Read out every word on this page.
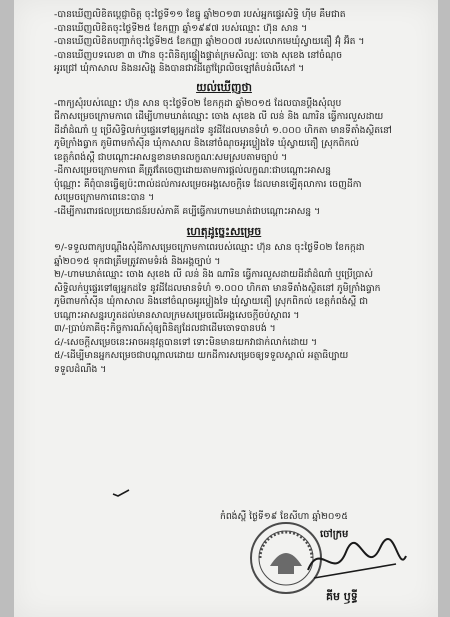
-បានឃើញលិខិតប្តេជ្ញាចិត្ត ចុះថ្ងៃទី១១ ខែធ្នូ ឆ្នាំ២០១៣ របស់អ្នកផ្ទេរសិទ្ធិ ហ៊ីម គឹមជាត

-បានឃើញលិខិតចុះថ្ងៃទី២៥ ខែកញ្ញា ឆ្នាំ១៩៩៧ របស់ឈ្មោះ ហ៊ុន សាន ។

-បានឃើញលិខិតបញ្ជាក់ចុះថ្ងៃទី២៥ ខែកញ្ញា ឆ្នាំ២០០៧ របស់លោកមេឃុំស្វាយតឿ អ៊ុំ អ៊ិត ។

-បានឃើញបទលេខា ៣ ហ៊ាន ចុះពិនិត្យផ្ទៀងផ្ទាត់ក្រមសិល្បៈ ចោង សុខេង នៅចំណុច

អូរជ្រៅ ឃុំកាសាល និងនរសិង្ហ និងបានជាវដីភ្លៅព្រៃលិចឡៅតំបន់លឺសៅ ។

យល់ឃើញថា

-ពាក្យសុំរបស់ឈ្មោះ ហ៊ុន សាន ចុះថ្ងៃទី០២ ខែកក្កដា ឆ្នាំ២០១៥ ដែលបានប្តឹងសុំលុប

ជីកាសម្រេចក្រោមកាពេ ដើម្បីហាមឃាត់ឈ្មោះ ចោង សុខេង លី លន់ និង ណារិន ធ្វើការលួសដាយ

ដីដាំដំណាំ ឬ ប្រើសិទ្ធិលក់ឬផ្ទេរទៅឲ្យអ្នកដទៃ នូវដីដែលមានទំហំ ១.០០០ ហិកតា មានទីតាំងស្ថិតនៅ

ភូមិក្រាំងធ្វាក ភូមិពាមកាំសុីន ឃុំកាសាល និងនៅចំណុចអូរប្លៀងទៃ ឃុំស្វាយតឿ ស្រុកពិកល់

ខេត្តកំពង់ស្ពឺ ជាបណ្តោះអាសន្នខានមានលក្ខណៈសមស្របតាមច្បាប់ ។

-ដីកាសម្រេចក្រោមកាពេ គឺត្រូវតែចេញដោយតាមការផ្តល់លក្ខណៈជាបណ្តោះអាសន្ន

ប៉ុណ្ណោះ គឺពុំបានធ្វើឲ្យប៉ះពាល់ដល់ការសម្រេចអង្គសេចក្តីទេ ដែលមានទ្បើតុលាការ ចេញដីកា

សម្រេចក្រោមកាពេនេះបាន ។

-ដើម្បីការពារផលប្រយោជន៍របស់ភាគី គប្បីធ្វើការហាមឃាត់ជាបណ្តោះអាសន្ន ។

ហេតុដូច្នេះសម្រេច

១/-ទទួលពាក្យបណ្តឹងសុំដីកាសម្រេចក្រោមកាពេរបស់ឈ្មោះ ហ៊ុន សាន ចុះថ្ងៃទី០២ ខែកក្កដា

ឆ្នាំ២០១៥ ទុកជាត្រឹមត្រូវតាមទំរង់ និងអង្គច្បាប់ ។

២/-ហាមឃាត់ឈ្មោះ ចោង សុខេង លី លន់ និង ណារិន ធ្វើការលួសដាយដីដាំដំណាំ ឬប្រើប្រាស់

សិទ្ធិលក់ឬផ្ទេរទៅឲ្យអ្នកដទៃ នូវដីដែលមានទំហំ ១.០០០ ហិកតា មានទីតាំងស្ថិតនៅ ភូមិក្រាំងធ្វាក

ភូមិពាមកាំសុីន ឃុំកាសាល និងនៅចំណុចអូរប្លៀងទៃ ឃុំស្វាយតឿ ស្រុកពិកល់ ខេត្តកំពង់ស្ពឺ ជា

បណ្តោះអាសន្នរហូតដល់មានសាលក្រមសម្រេចលើអង្គសេចក្តីចប់ស្ថាពរ ។

៣/-ប្រាប់ភាគីចុះកិច្ចការណ៍សុំឲ្យពិនិត្យដែលជាដើមចោទបានបង់ ។

៤/-សេចក្តីសម្រេចនេះអាចអនុវត្តបានទៅ ទោះមិនមានយកវាជាក់លាក់ដោយ ។

៥/-ដើម្បីមានអ្នកសម្រេចជាបណ្តាលដោយ យកដីការសម្រេចឲ្យទទួលស្គាល់ អត្ថាធិប្បាយ

ទទួលដំណឹង ។

កំពង់ស្ពឺ ថ្ងៃទី១៩ ខែសីហា ឆ្នាំ២០១៥
ចៅក្រម
គីម ឫទ្ធី
